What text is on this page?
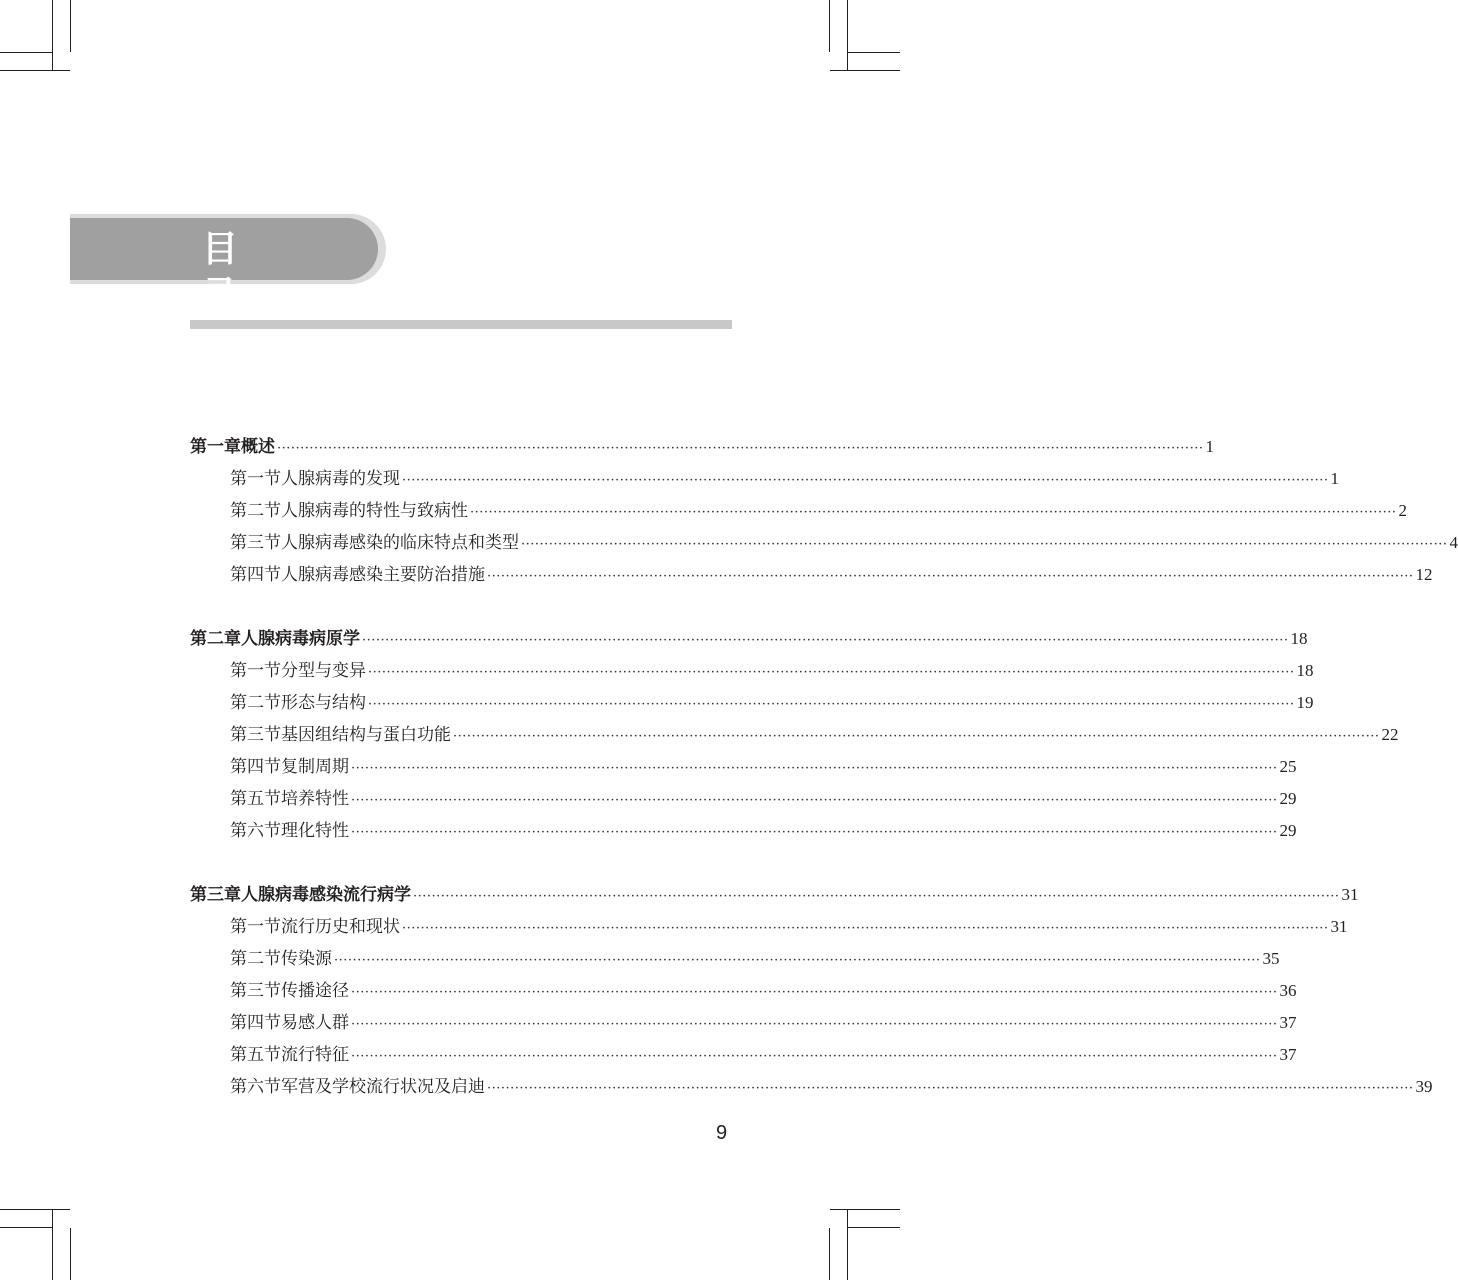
目录
第一章 概述 ········································································································································································································ 1
第一节 人腺病毒的发现 ········································································································································································································ 1
第二节 人腺病毒的特性与致病性 ········································································································································································································ 2
第三节 人腺病毒感染的临床特点和类型 ········································································································································································································ 4
第四节 人腺病毒感染主要防治措施 ········································································································································································································ 12
第二章 人腺病毒病原学 ········································································································································································································ 18
第一节 分型与变异 ········································································································································································································ 18
第二节 形态与结构 ········································································································································································································ 19
第三节 基因组结构与蛋白功能 ········································································································································································································ 22
第四节 复制周期 ········································································································································································································ 25
第五节 培养特性 ········································································································································································································ 29
第六节 理化特性 ········································································································································································································ 29
第三章 人腺病毒感染流行病学 ········································································································································································································ 31
第一节 流行历史和现状 ········································································································································································································ 31
第二节 传染源 ········································································································································································································ 35
第三节 传播途径 ········································································································································································································ 36
第四节 易感人群 ········································································································································································································ 37
第五节 流行特征 ········································································································································································································ 37
第六节 军营及学校流行状况及启迪 ········································································································································································································ 39
9
